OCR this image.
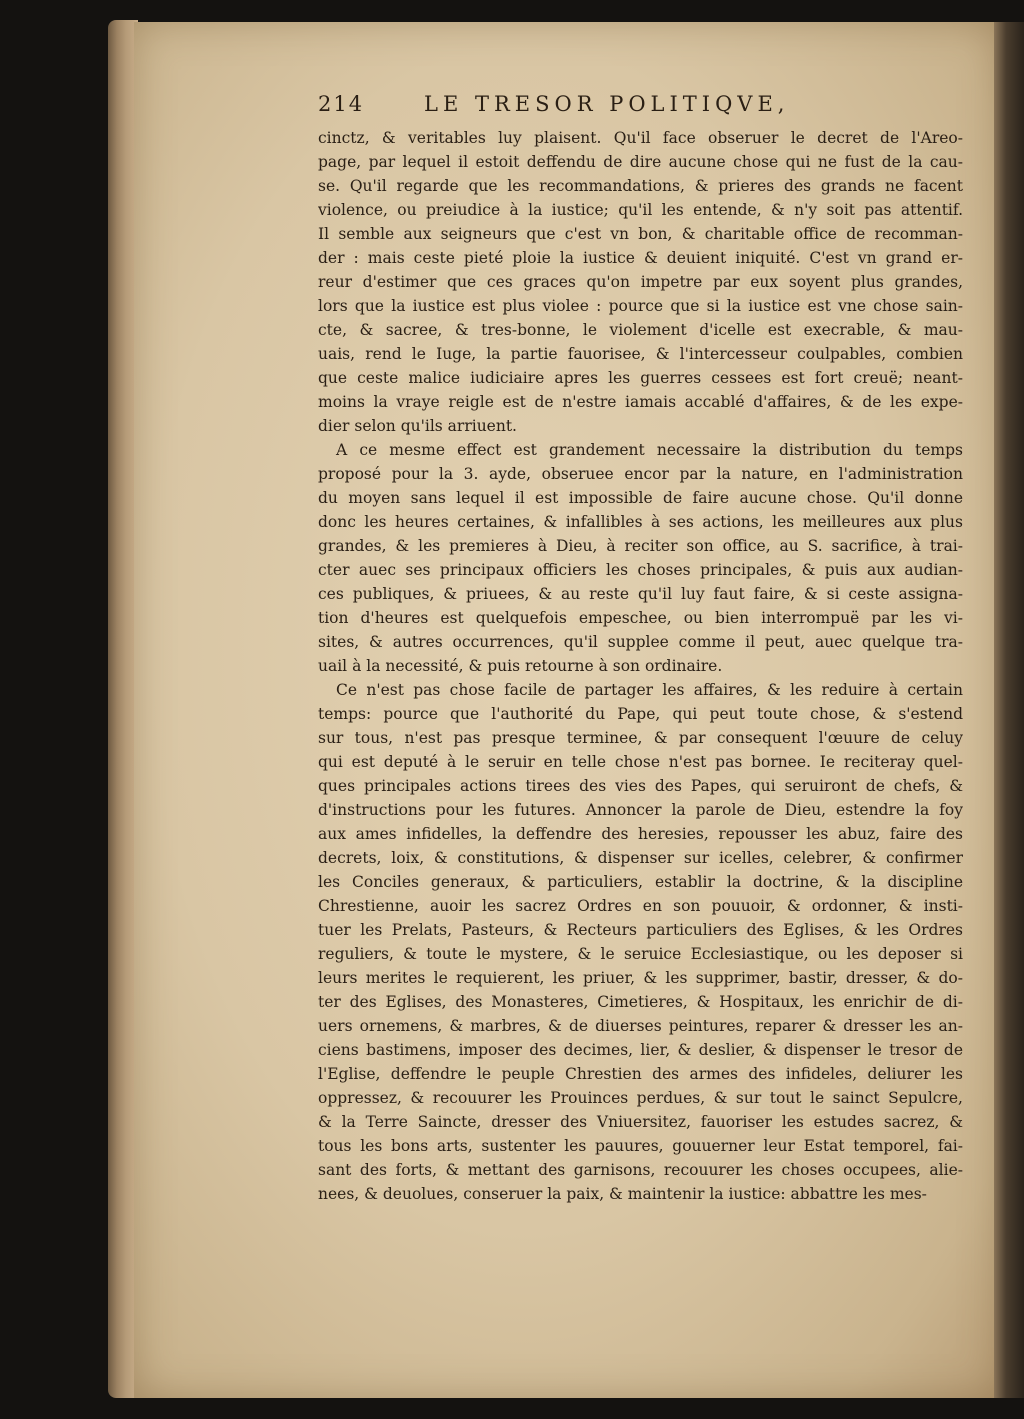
214	LE TRESOR POLITIQVE,
cinctz, & veritables luy plaisent. Qu'il face obseruer le decret de l'Areo-
page, par lequel il estoit deffendu de dire aucune chose qui ne fust de la cau-
se. Qu'il regarde que les recommandations, & prieres des grands ne facent
violence, ou preiudice à la iustice; qu'il les entende, & n'y soit pas attentif.
Il semble aux seigneurs que c'est vn bon, & charitable office de recomman-
der : mais ceste pieté ploie la iustice & deuient iniquité. C'est vn grand er-
reur d'estimer que ces graces qu'on impetre par eux soyent plus grandes,
lors que la iustice est plus violee : pource que si la iustice est vne chose sain-
cte, & sacree, & tres-bonne, le violement d'icelle est execrable, & mau-
uais, rend le Iuge, la partie fauorisee, & l'intercesseur coulpables, combien
que ceste malice iudiciaire apres les guerres cessees est fort creuë; neant-
moins la vraye reigle est de n'estre iamais accablé d'affaires, & de les expe-
dier selon qu'ils arriuent.
A ce mesme effect est grandement necessaire la distribution du temps
proposé pour la 3. ayde, obseruee encor par la nature, en l'administration
du moyen sans lequel il est impossible de faire aucune chose. Qu'il donne
donc les heures certaines, & infallibles à ses actions, les meilleures aux plus
grandes, & les premieres à Dieu, à reciter son office, au S. sacrifice, à trai-
cter auec ses principaux officiers les choses principales, & puis aux audian-
ces publiques, & priuees, & au reste qu'il luy faut faire, & si ceste assigna-
tion d'heures est quelquefois empeschee, ou bien interrompuë par les vi-
sites, & autres occurrences, qu'il supplee comme il peut, auec quelque tra-
uail à la necessité, & puis retourne à son ordinaire.
Ce n'est pas chose facile de partager les affaires, & les reduire à certain
temps: pource que l'authorité du Pape, qui peut toute chose, & s'estend
sur tous, n'est pas presque terminee, & par consequent l'œuure de celuy
qui est deputé à le seruir en telle chose n'est pas bornee. Ie reciteray quel-
ques principales actions tirees des vies des Papes, qui seruiront de chefs, &
d'instructions pour les futures. Annoncer la parole de Dieu, estendre la foy
aux ames infidelles, la deffendre des heresies, repousser les abuz, faire des
decrets, loix, & constitutions, & dispenser sur icelles, celebrer, & confirmer
les Conciles generaux, & particuliers, establir la doctrine, & la discipline
Chrestienne, auoir les sacrez Ordres en son pouuoir, & ordonner, & insti-
tuer les Prelats, Pasteurs, & Recteurs particuliers des Eglises, & les Ordres
reguliers, & toute le mystere, & le seruice Ecclesiastique, ou les deposer si
leurs merites le requierent, les priuer, & les supprimer, bastir, dresser, & do-
ter des Eglises, des Monasteres, Cimetieres, & Hospitaux, les enrichir de di-
uers ornemens, & marbres, & de diuerses peintures, reparer & dresser les an-
ciens bastimens, imposer des decimes, lier, & deslier, & dispenser le tresor de
l'Eglise, deffendre le peuple Chrestien des armes des infideles, deliurer les
oppressez, & recouurer les Prouinces perdues, & sur tout le sainct Sepulcre,
& la Terre Saincte, dresser des Vniuersitez, fauoriser les estudes sacrez, &
tous les bons arts, sustenter les pauures, gouuerner leur Estat temporel, fai-
sant des forts, & mettant des garnisons, recouurer les choses occupees, alie-
nees, & deuolues, conseruer la paix, & maintenir la iustice: abbattre les mes-
